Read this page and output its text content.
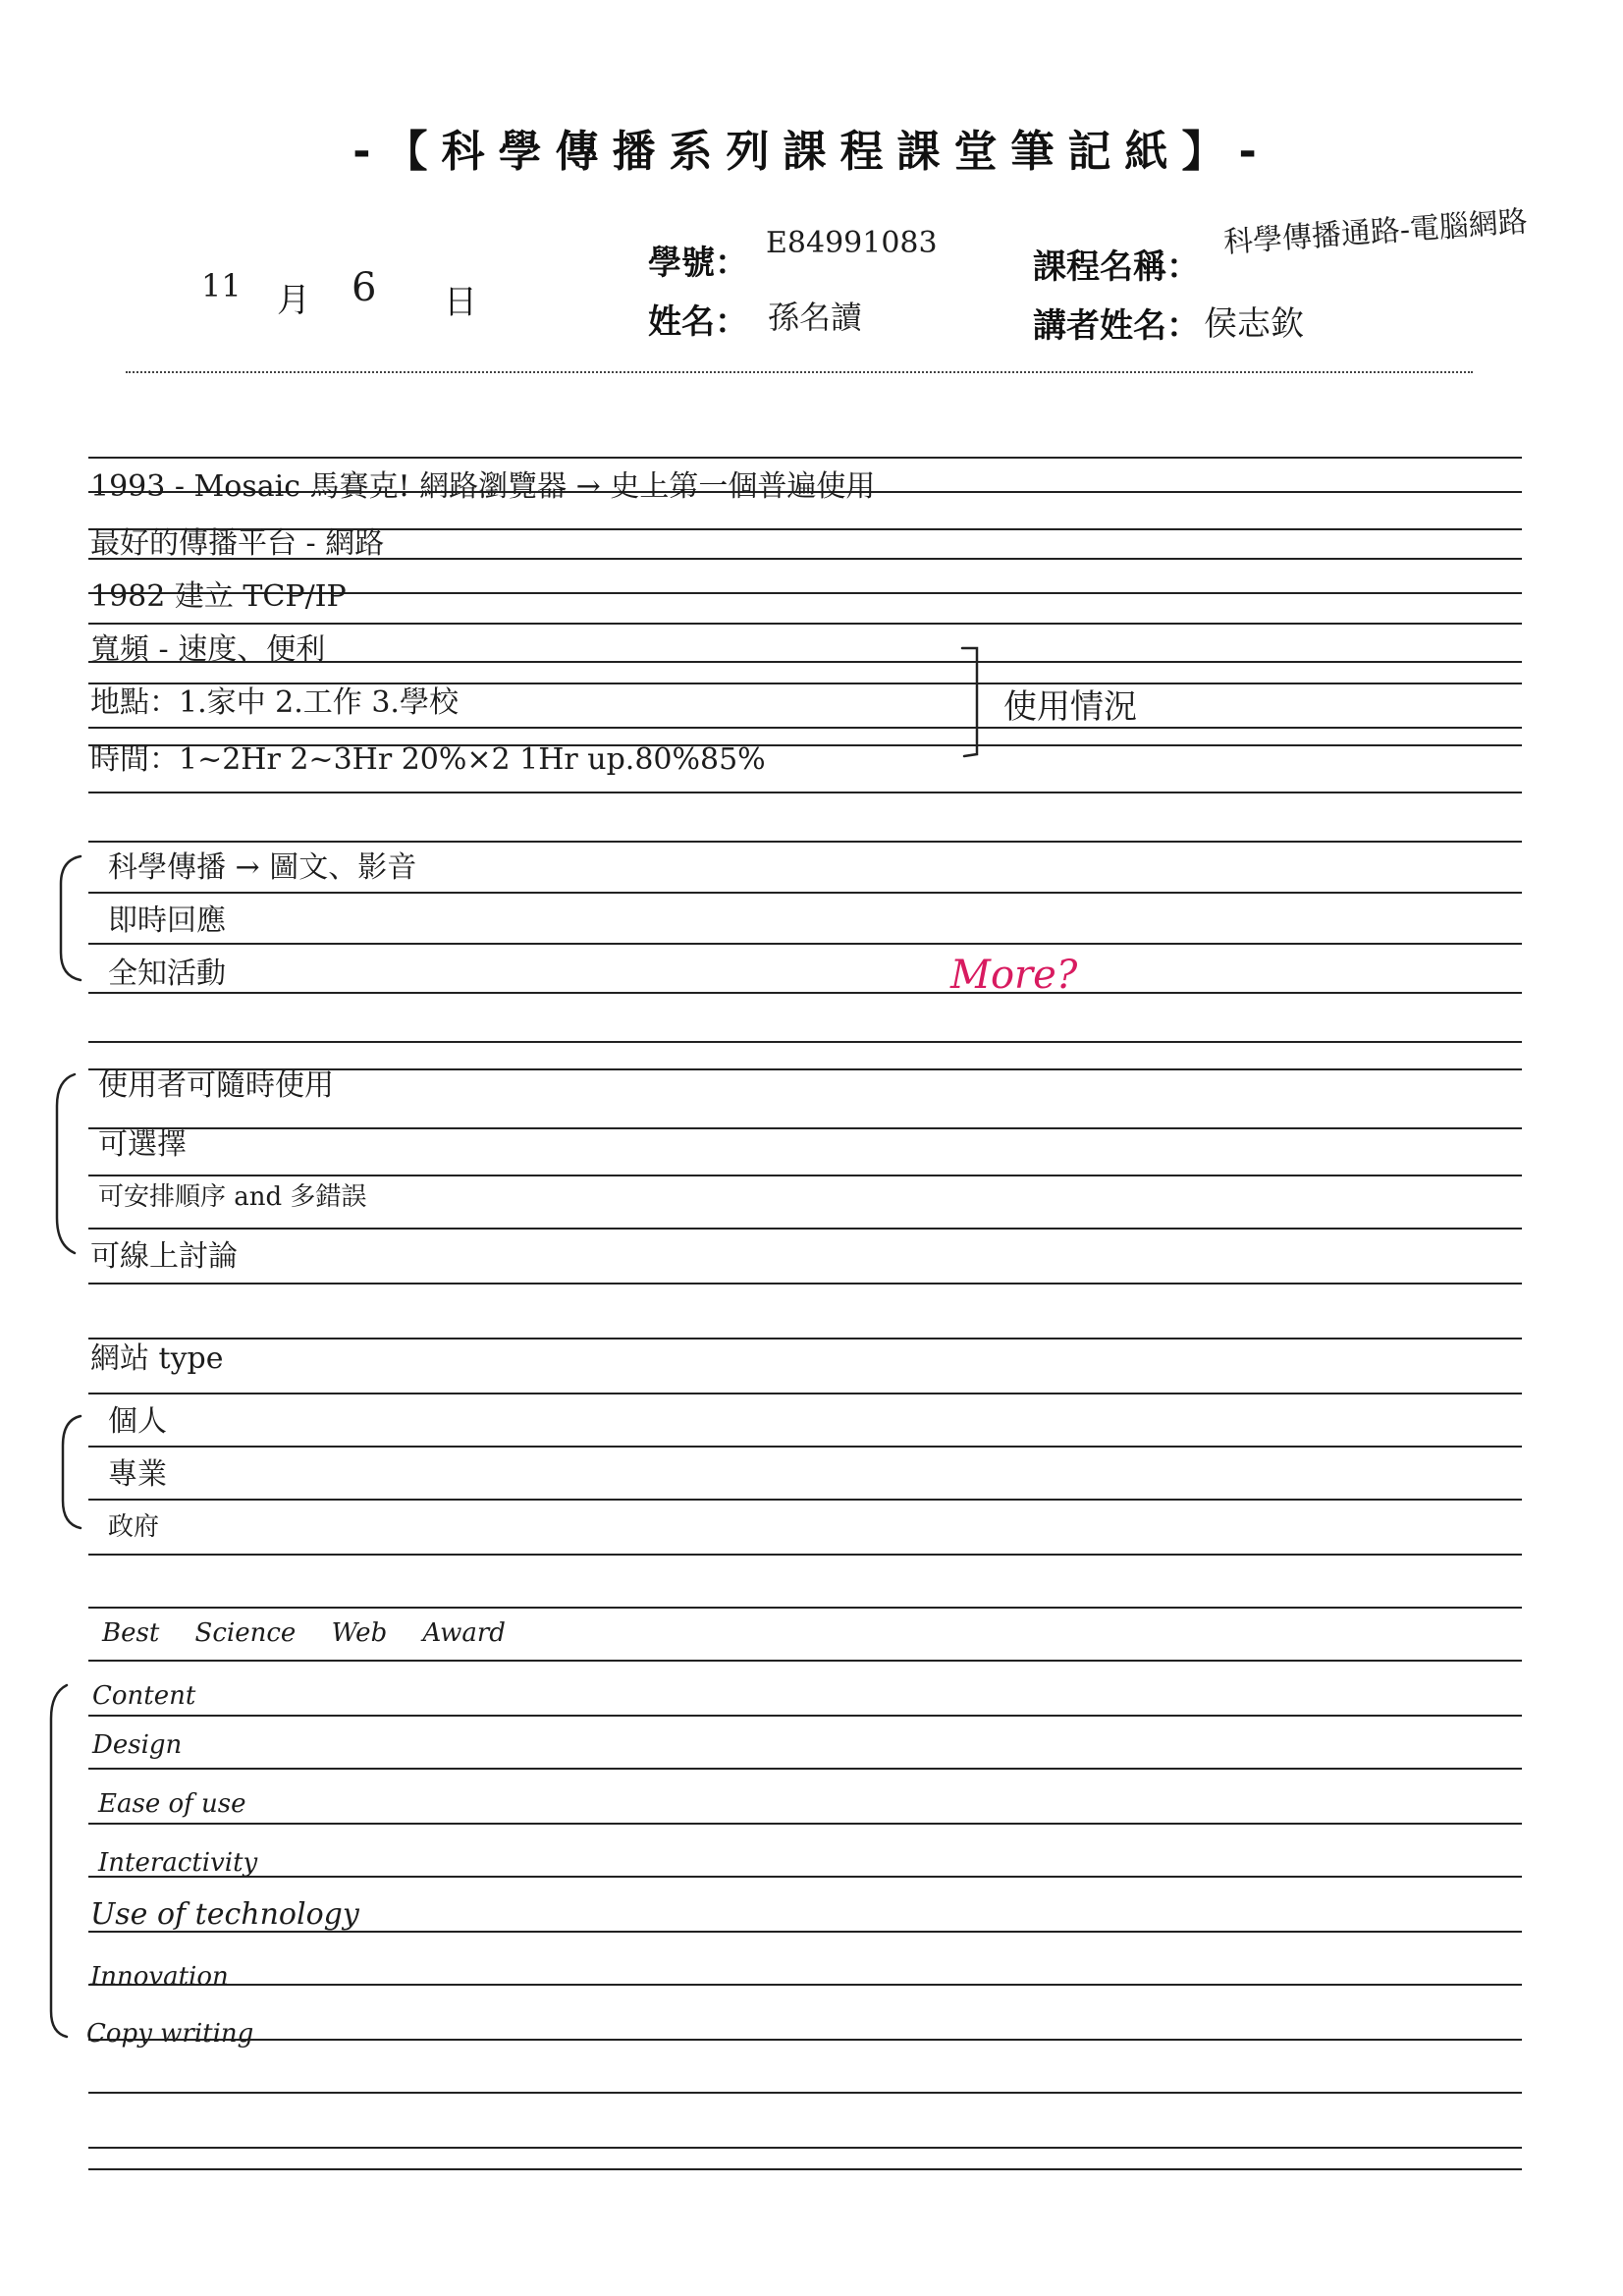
-【科學傳播系列課程課堂筆記紙】-
11 月 6 日
學號：
E84991083
姓名： 孫名讀
課程名稱：
科學傳播通路-電腦網路
講者姓名： 侯志欽
1993 - Mosaic 馬賽克! 網路瀏覽器 → 史上第一個普遍使用
最好的傳播平台 - 網路
1982 建立 TCP/IP
寬頻 - 速度、便利
地點：1.家中 2.工作 3.學校
時間：1~2Hr 2~3Hr 20%×2 1Hr up.80%85%
使用情況
科學傳播 → 圖文、影音
即時回應
全知活動	More?
使用者可隨時使用
可選擇
可安排順序 and 多錯誤
可線上討論
網站 type
個人
專業
政府
Best Science Web Award
Content
Design
Ease of use
Interactivity
Use of technology
Innovation
Copy writing
